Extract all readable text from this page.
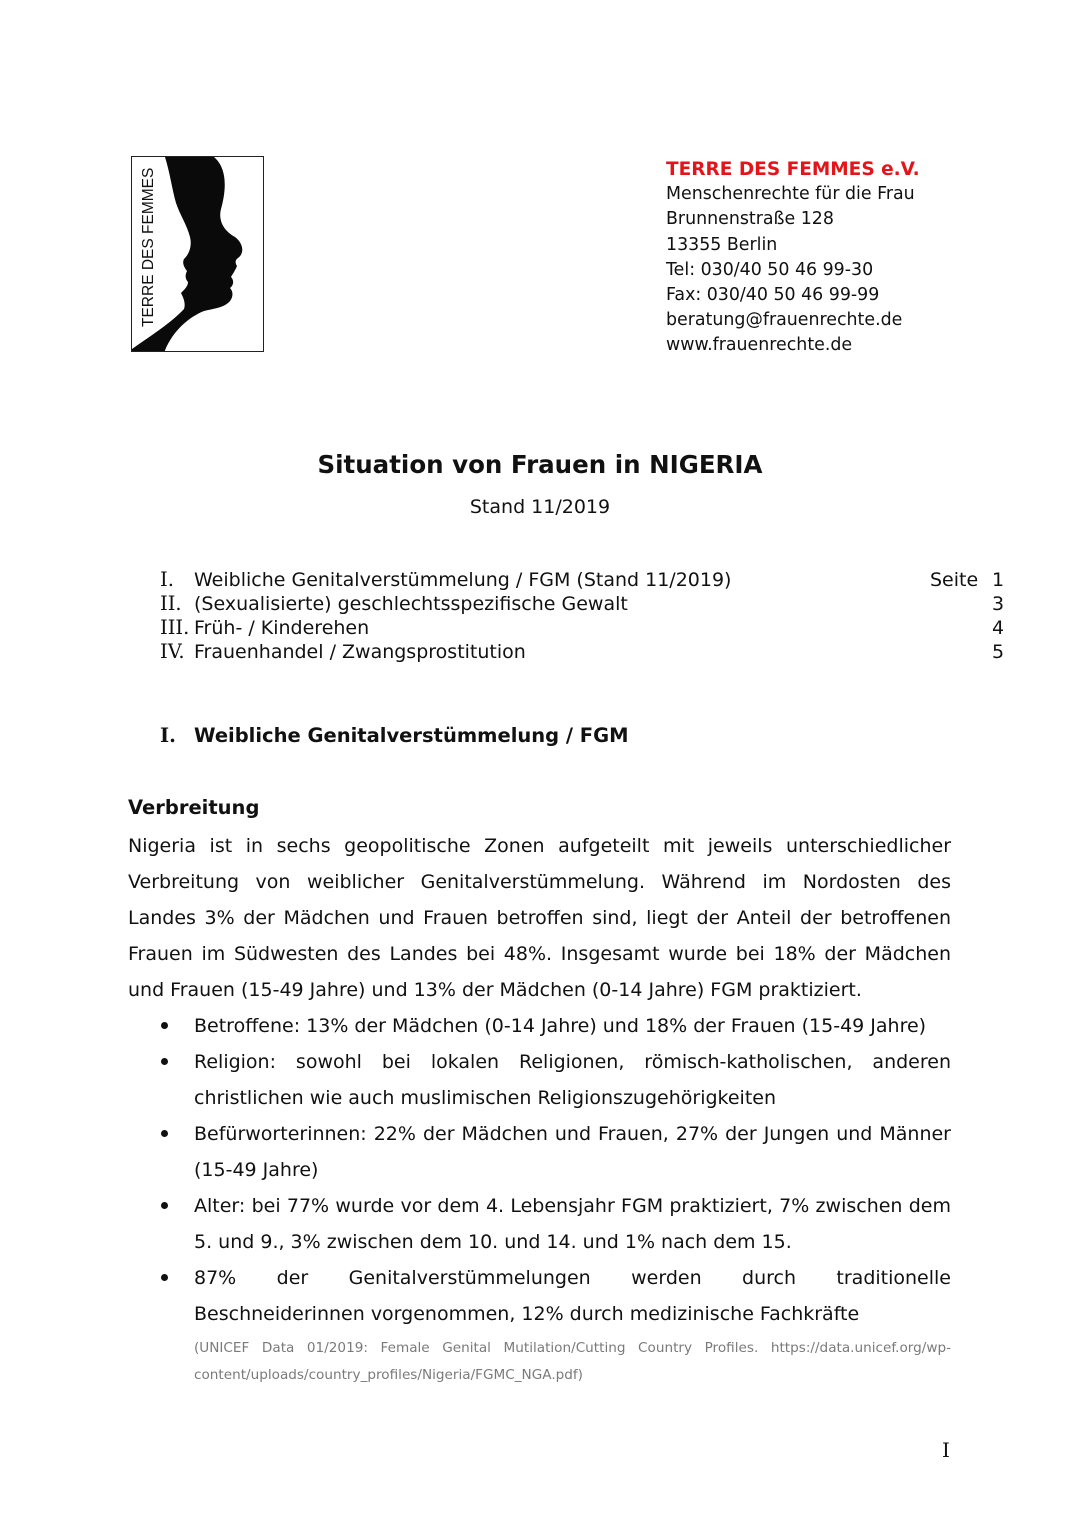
TERRE DES FEMMES	TERRE DES FEMMES e.V.
Menschenrechte für die Frau
Brunnenstraße 128
13355 Berlin
Tel: 030/40 50 46 99-30
Fax: 030/40 50 46 99-99
beratung@frauenrechte.de
www.frauenrechte.de
Situation von Frauen in NIGERIA
Stand 11/2019
I. Weibliche Genitalverstümmelung / FGM (Stand 11/2019)	Seite 1
II. (Sexualisierte) geschlechtsspezifische Gewalt	3
III. Früh- / Kinderehen	4
IV. Frauenhandel / Zwangsprostitution	5
I. Weibliche Genitalverstümmelung / FGM
Verbreitung
Nigeria ist in sechs geopolitische Zonen aufgeteilt mit jeweils unterschiedlicher Verbreitung von weiblicher Genitalverstümmelung. Während im Nordosten des Landes 3% der Mädchen und Frauen betroffen sind, liegt der Anteil der betroffenen Frauen im Südwesten des Landes bei 48%. Insgesamt wurde bei 18% der Mädchen und Frauen (15-49 Jahre) und 13% der Mädchen (0-14 Jahre) FGM praktiziert.
Betroffene: 13% der Mädchen (0-14 Jahre) und 18% der Frauen (15-49 Jahre)
Religion: sowohl bei lokalen Religionen, römisch-katholischen, anderen christlichen wie auch muslimischen Religionszugehörigkeiten
Befürworterinnen: 22% der Mädchen und Frauen, 27% der Jungen und Männer (15-49 Jahre)
Alter: bei 77% wurde vor dem 4. Lebensjahr FGM praktiziert, 7% zwischen dem 5. und 9., 3% zwischen dem 10. und 14. und 1% nach dem 15.
87% der Genitalverstümmelungen werden durch traditionelle Beschneiderinnen vorgenommen, 12% durch medizinische Fachkräfte
(UNICEF Data 01/2019: Female Genital Mutilation/Cutting Country Profiles. https://data.unicef.org/wp-content/uploads/country_profiles/Nigeria/FGMC_NGA.pdf)
I
